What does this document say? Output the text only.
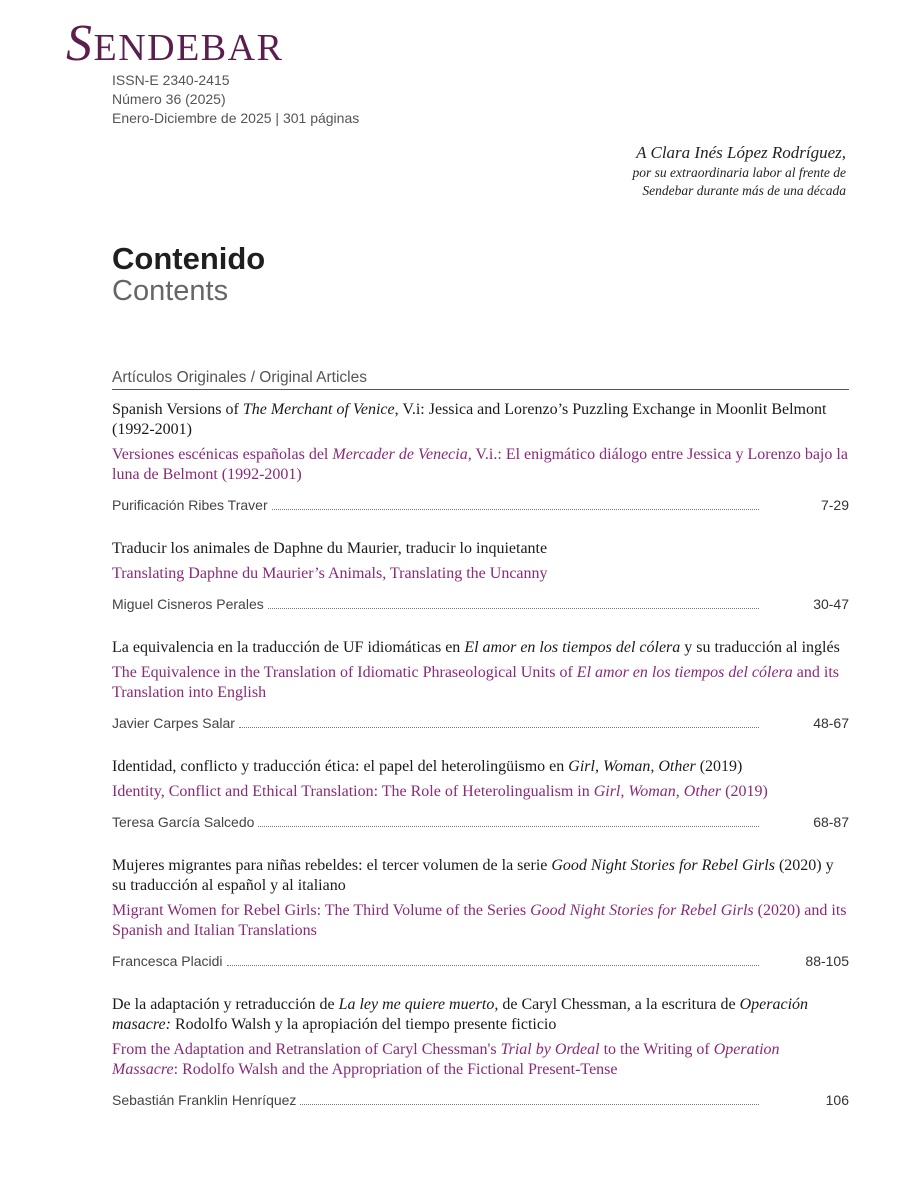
SENDEBAR
ISSN-E 2340-2415
Número 36 (2025)
Enero-Diciembre de 2025 | 301 páginas
A Clara Inés López Rodríguez,
por su extraordinaria labor al frente de
Sendebar durante más de una década
Contenido
Contents
Artículos Originales / Original Articles
Spanish Versions of The Merchant of Venice, V.i: Jessica and Lorenzo’s Puzzling Exchange in Moonlit Belmont (1992-2001)
Versiones escénicas españolas del Mercader de Venecia, V.i.: El enigmático diálogo entre Jessica y Lorenzo bajo la luna de Belmont (1992-2001)
Purificación Ribes Traver	7-29
Traducir los animales de Daphne du Maurier, traducir lo inquietante
Translating Daphne du Maurier’s Animals, Translating the Uncanny
Miguel Cisneros Perales	30-47
La equivalencia en la traducción de UF idiomáticas en El amor en los tiempos del cólera y su traducción al inglés
The Equivalence in the Translation of Idiomatic Phraseological Units of El amor en los tiempos del cólera and its Translation into English
Javier Carpes Salar	48-67
Identidad, conflicto y traducción ética: el papel del heterolingüismo en Girl, Woman, Other (2019)
Identity, Conflict and Ethical Translation: The Role of Heterolingualism in Girl, Woman, Other (2019)
Teresa García Salcedo	68-87
Mujeres migrantes para niñas rebeldes: el tercer volumen de la serie Good Night Stories for Rebel Girls (2020) y su traducción al español y al italiano
Migrant Women for Rebel Girls: The Third Volume of the Series Good Night Stories for Rebel Girls (2020) and its Spanish and Italian Translations
Francesca Placidi	88-105
De la adaptación y retraducción de La ley me quiere muerto, de Caryl Chessman, a la escritura de Operación masacre: Rodolfo Walsh y la apropiación del tiempo presente ficticio
From the Adaptation and Retranslation of Caryl Chessman's Trial by Ordeal to the Writing of Operation Massacre: Rodolfo Walsh and the Appropriation of the Fictional Present-Tense
Sebastián Franklin Henríquez	106
